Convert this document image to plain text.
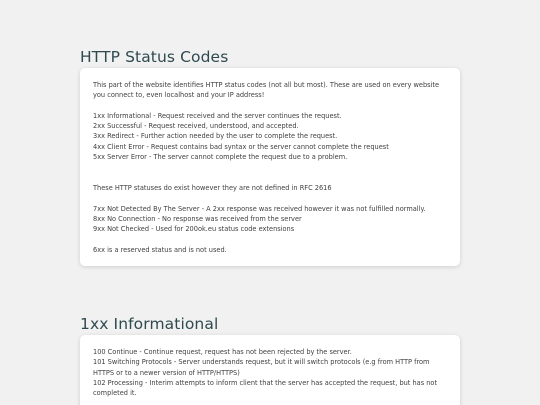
HTTP Status Codes

This part of the website identifies HTTP status codes (not all but most). These are used on every website you connect to, even localhost and your IP address!

1xx Informational - Request received and the server continues the request.

2xx Successful - Request received, understood, and accepted.

3xx Redirect - Further action needed by the user to complete the request.

4xx Client Error - Request contains bad syntax or the server cannot complete the request

5xx Server Error - The server cannot complete the request due to a problem.

These HTTP statuses do exist however they are not defined in RFC 2616

7xx Not Detected By The Server - A 2xx response was received however it was not fulfilled normally.

8xx No Connection - No response was received from the server

9xx Not Checked - Used for 200ok.eu status code extensions

6xx is a reserved status and is not used.

1xx Informational

100 Continue - Continue request, request has not been rejected by the server.

101 Switching Protocols - Server understands request, but it will switch protocols (e.g from HTTP from HTTPS or to a newer version of HTTP/HTTPS)

102 Processing - Interim attempts to inform client that the server has accepted the request, but has not completed it.
